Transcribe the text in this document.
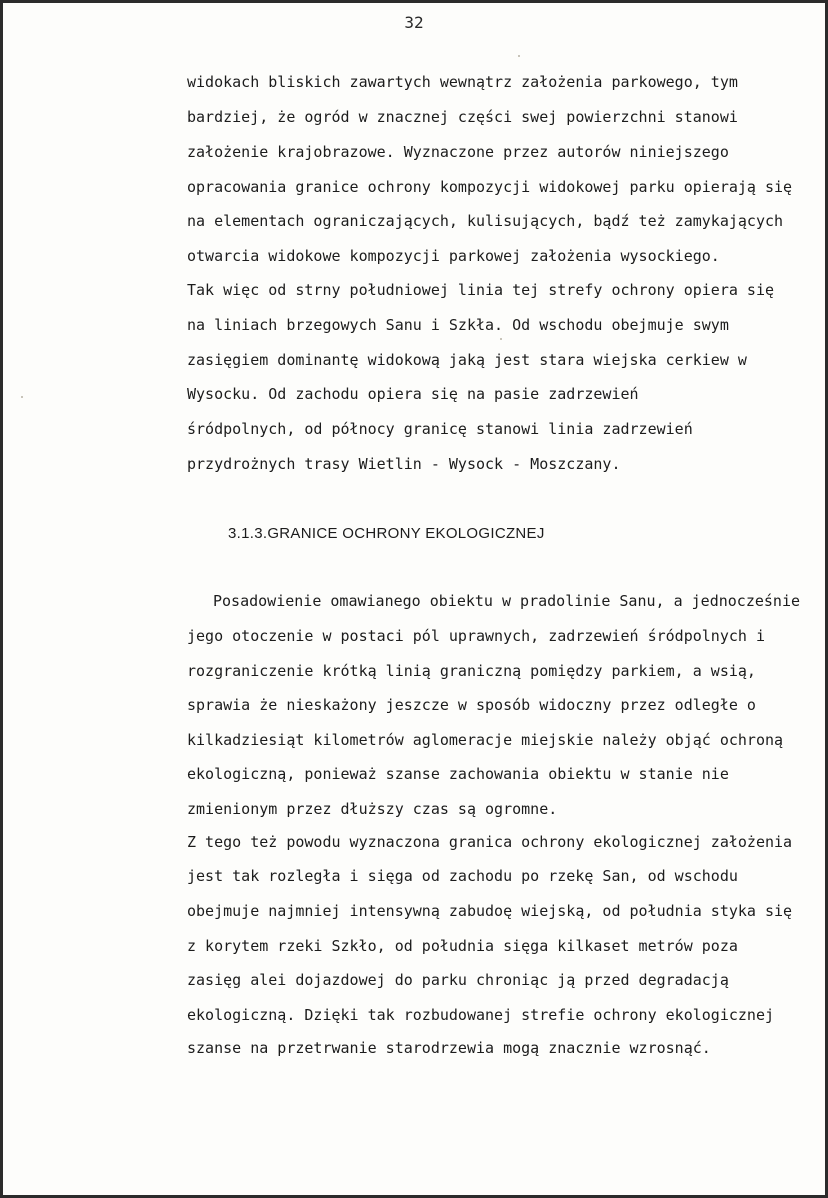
32
widokach bliskich zawartych wewnątrz założenia parkowego, tym
bardziej, że ogród w znacznej części swej powierzchni stanowi
założenie krajobrazowe. Wyznaczone przez autorów niniejszego
opracowania granice ochrony kompozycji widokowej parku opierają się
na elementach ograniczających, kulisujących, bądź też zamykających
otwarcia widokowe kompozycji parkowej założenia wysockiego.
Tak więc od strny południowej linia tej strefy ochrony opiera się
na liniach brzegowych Sanu i Szkła. Od wschodu obejmuje swym
zasięgiem dominantę widokową jaką jest stara wiejska cerkiew w
Wysocku. Od zachodu opiera się na pasie zadrzewień
śródpolnych, od północy granicę stanowi linia zadrzewień
przydrożnych trasy Wietlin - Wysock - Moszczany.
3.1.3.GRANICE OCHRONY EKOLOGICZNEJ
Posadowienie omawianego obiektu w pradolinie Sanu, a jednocześnie
jego otoczenie w postaci pól uprawnych, zadrzewień śródpolnych i
rozgraniczenie krótką linią graniczną pomiędzy parkiem, a wsią,
sprawia że nieskażony jeszcze w sposób widoczny przez odległe o
kilkadziesiąt kilometrów aglomeracje miejskie należy objąć ochroną
ekologiczną, ponieważ szanse zachowania obiektu w stanie nie
zmienionym przez dłuższy czas są ogromne.
Z tego też powodu wyznaczona granica ochrony ekologicznej założenia
jest tak rozległa i sięga od zachodu po rzekę San, od wschodu
obejmuje najmniej intensywną zabudoę wiejską, od południa styka się
z korytem rzeki Szkło, od południa sięga kilkaset metrów poza
zasięg alei dojazdowej do parku chroniąc ją przed degradacją
ekologiczną. Dzięki tak rozbudowanej strefie ochrony ekologicznej
szanse na przetrwanie starodrzewia mogą znacznie wzrosnąć.
